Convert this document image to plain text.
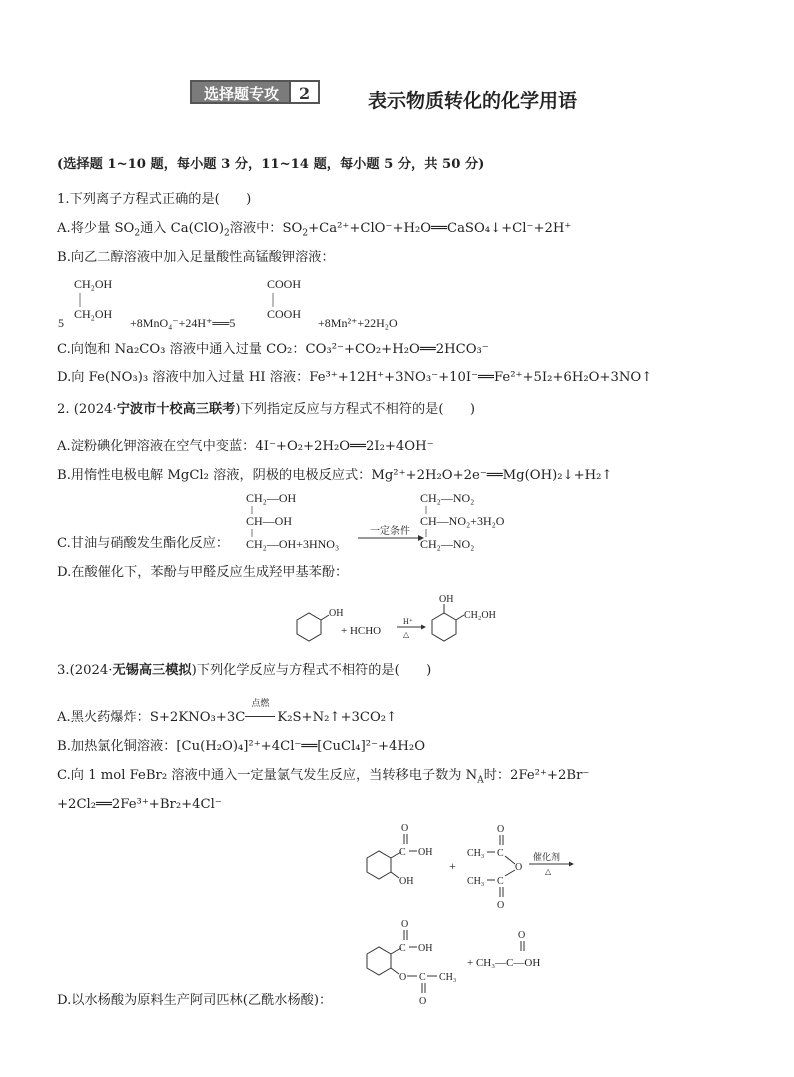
选择题专攻	2	表示物质转化的化学用语
(选择题 1~10 题，每小题 3 分，11~14 题，每小题 5 分，共 50 分)
1.下列离子方程式正确的是(　　)
A.将少量 $SO_2$通入 $Ca(ClO)_2$溶液中：$SO_2+Ca^{2+}+ClO^-+H_2O══CaSO_4↓+Cl^-+2H^+$
B.向乙二醇溶液中加入足量酸性高锰酸钾溶液：
CH₂OH
CH₂OH
5	+8MnO₄⁻+24H⁺══5
COOH
COOH
+8Mn²⁺+22H₂O
C.向饱和 Na₂CO₃ 溶液中通入过量 CO₂：CO₃²⁻+CO₂+H₂O══2HCO₃⁻
D.向 Fe(NO₃)₃ 溶液中加入过量 HI 溶液：Fe³⁺+12H⁺+3NO₃⁻+10I⁻══Fe²⁺+5I₂+6H₂O+3NO↑
2. (2024·宁波市十校高三联考)下列指定反应与方程式不相符的是(　　)
A.淀粉碘化钾溶液在空气中变蓝：4I⁻+O₂+2H₂O══2I₂+4OH⁻
B.用惰性电极电解 MgCl₂ 溶液，阴极的电极反应式：Mg²⁺+2H₂O+2e⁻══Mg(OH)₂↓+H₂↑
CH₂—OH
CH—OH
CH₂—OH+3HNO₃
一定条件
CH₂—NO₂
CH—NO₂+3H₂O
CH₂—NO₂
C.甘油与硝酸发生酯化反应：
D.在酸催化下，苯酚与甲醛反应生成羟甲基苯酚：
OH
+ HCHO
H⁺
△
OH
CH₂OH
3.(2024·无锡高三模拟)下列化学反应与方程式不相符的是(　　)
A.黑火药爆炸：S+2KNO₃+3C
点燃
K₂S+N₂↑+3CO₂↑
B.加热氯化铜溶液：[Cu(H₂O)₄]²⁺+4Cl⁻══[CuCl₄]²⁻+4H₂O
C.向 1 mol FeBr₂ 溶液中通入一定量氯气发生反应，当转移电子数为 $N_A$时：2Fe²⁺+2Br⁻
+2Cl₂══2Fe³⁺+Br₂+4Cl⁻
C
O
OH
OH
+
CH₃ C
O
O
CH₃ C
O
催化剂
△
C
O
OH
O C
O
CH₃
+ CH₃—C—OH
O
D.以水杨酸为原料生产阿司匹林(乙酰水杨酸)：
